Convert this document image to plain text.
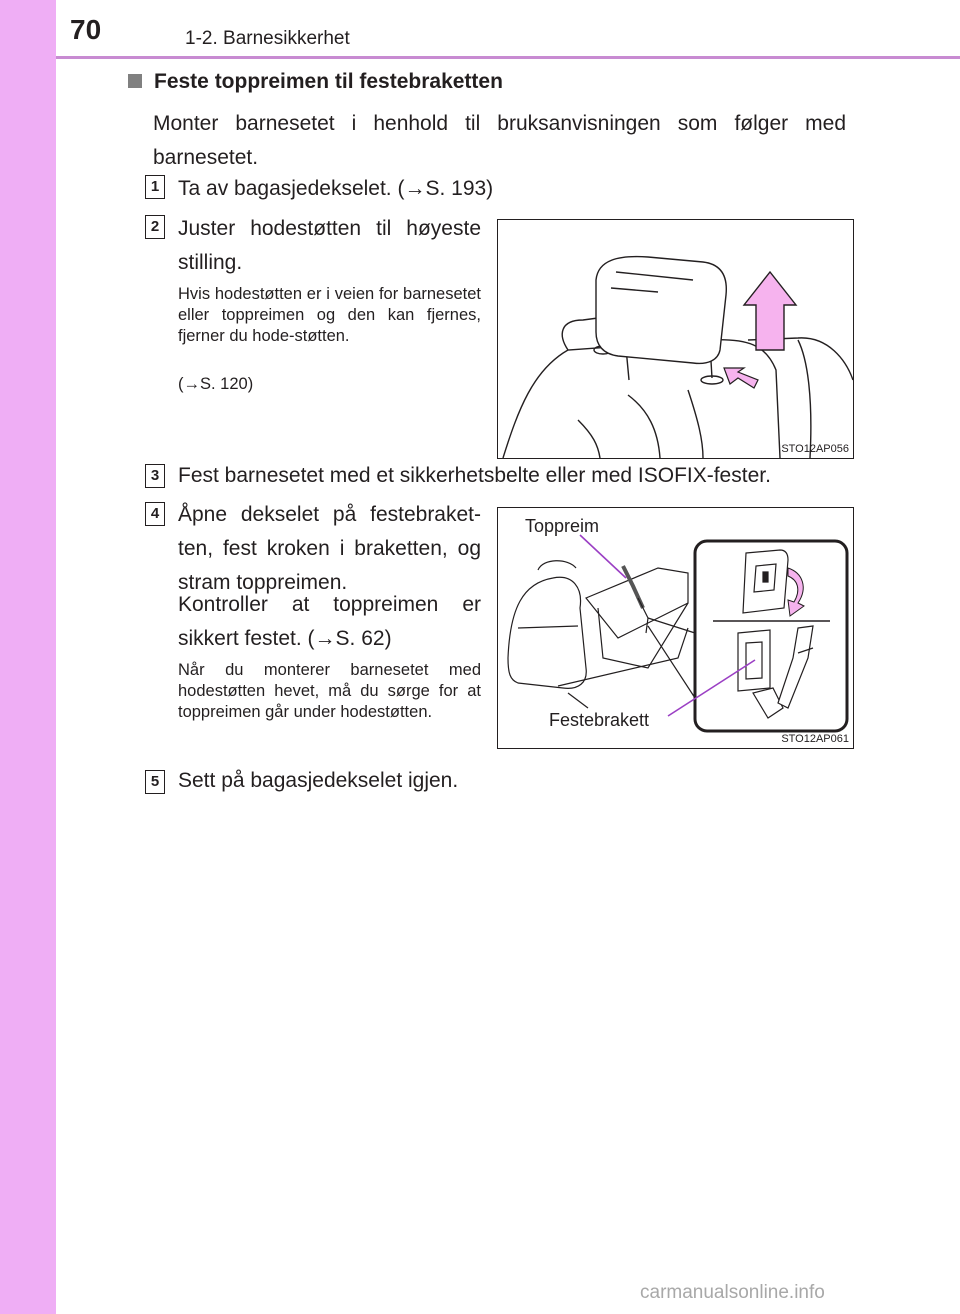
70	1-2. Barnesikkerhet
Feste toppreimen til festebraketten
Monter barnesetet i henhold til bruksanvisningen som følger med barnesetet.
1 Ta av bagasjedekselet. (→S. 193)
2 Juster hodestøtten til høyeste stilling.
Hvis hodestøtten er i veien for barnesetet eller toppreimen og den kan fjernes, fjerner du hode-støtten.
(→S. 120)
STO12AP056
3 Fest barnesetet med et sikkerhetsbelte eller med ISOFIX-fester.
4 Åpne dekselet på festebraket-ten, fest kroken i braketten, og stram toppreimen.
Kontroller at toppreimen er sikkert festet. (→S. 62)
Når du monterer barnesetet med hodestøtten hevet, må du sørge for at toppreimen går under hodestøtten.
Toppreim
Festebrakett
STO12AP061
5 Sett på bagasjedekselet igjen.
carmanualsonline.info
